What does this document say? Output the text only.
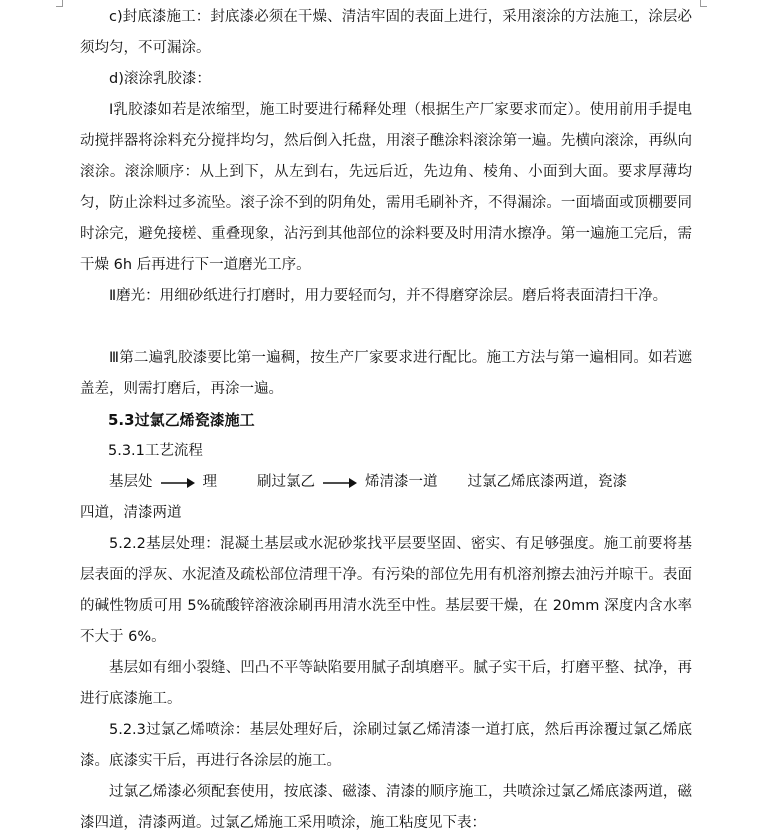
c)封底漆施工：封底漆必须在干燥、清洁牢固的表面上进行，采用滚涂的方法施工，涂层必须均匀，不可漏涂。

d)滚涂乳胶漆：

Ⅰ乳胶漆如若是浓缩型，施工时要进行稀释处理（根据生产厂家要求而定）。使用前用手提电动搅拌器将涂料充分搅拌均匀，然后倒入托盘，用滚子醮涂料滚涂第一遍。先横向滚涂，再纵向滚涂。滚涂顺序：从上到下，从左到右，先远后近，先边角、棱角、小面到大面。要求厚薄均匀，防止涂料过多流坠。滚子涂不到的阴角处，需用毛刷补齐，不得漏涂。一面墙面或顶棚要同时涂完，避免接槎、重叠现象，沾污到其他部位的涂料要及时用清水擦净。第一遍施工完后，需干燥 6h 后再进行下一道磨光工序。

Ⅱ磨光：用细砂纸进行打磨时，用力要轻而匀，并不得磨穿涂层。磨后将表面清扫干净。

Ⅲ第二遍乳胶漆要比第一遍稠，按生产厂家要求进行配比。施工方法与第一遍相同。如若遮盖差，则需打磨后，再涂一遍。

5.3过氯乙烯瓷漆施工

5.3.1工艺流程

基层处	理	刷过氯乙	烯清漆一道 过氯乙烯底漆两道，瓷漆
四道，清漆两道

5.2.2基层处理：混凝土基层或水泥砂浆找平层要坚固、密实、有足够强度。施工前要将基层表面的浮灰、水泥渣及疏松部位清理干净。有污染的部位先用有机溶剂擦去油污并晾干。表面的碱性物质可用 5%硫酸锌溶液涂刷再用清水洗至中性。基层要干燥，在 20mm 深度内含水率不大于 6%。

基层如有细小裂缝、凹凸不平等缺陷要用腻子刮填磨平。腻子实干后，打磨平整、拭净，再进行底漆施工。

5.2.3过氯乙烯喷涂：基层处理好后，涂刷过氯乙烯清漆一道打底，然后再涂覆过氯乙烯底漆。底漆实干后，再进行各涂层的施工。

过氯乙烯漆必须配套使用，按底漆、磁漆、清漆的顺序施工，共喷涂过氯乙烯底漆两道，磁漆四道，清漆两道。过氯乙烯施工采用喷涂，施工粘度见下表：
